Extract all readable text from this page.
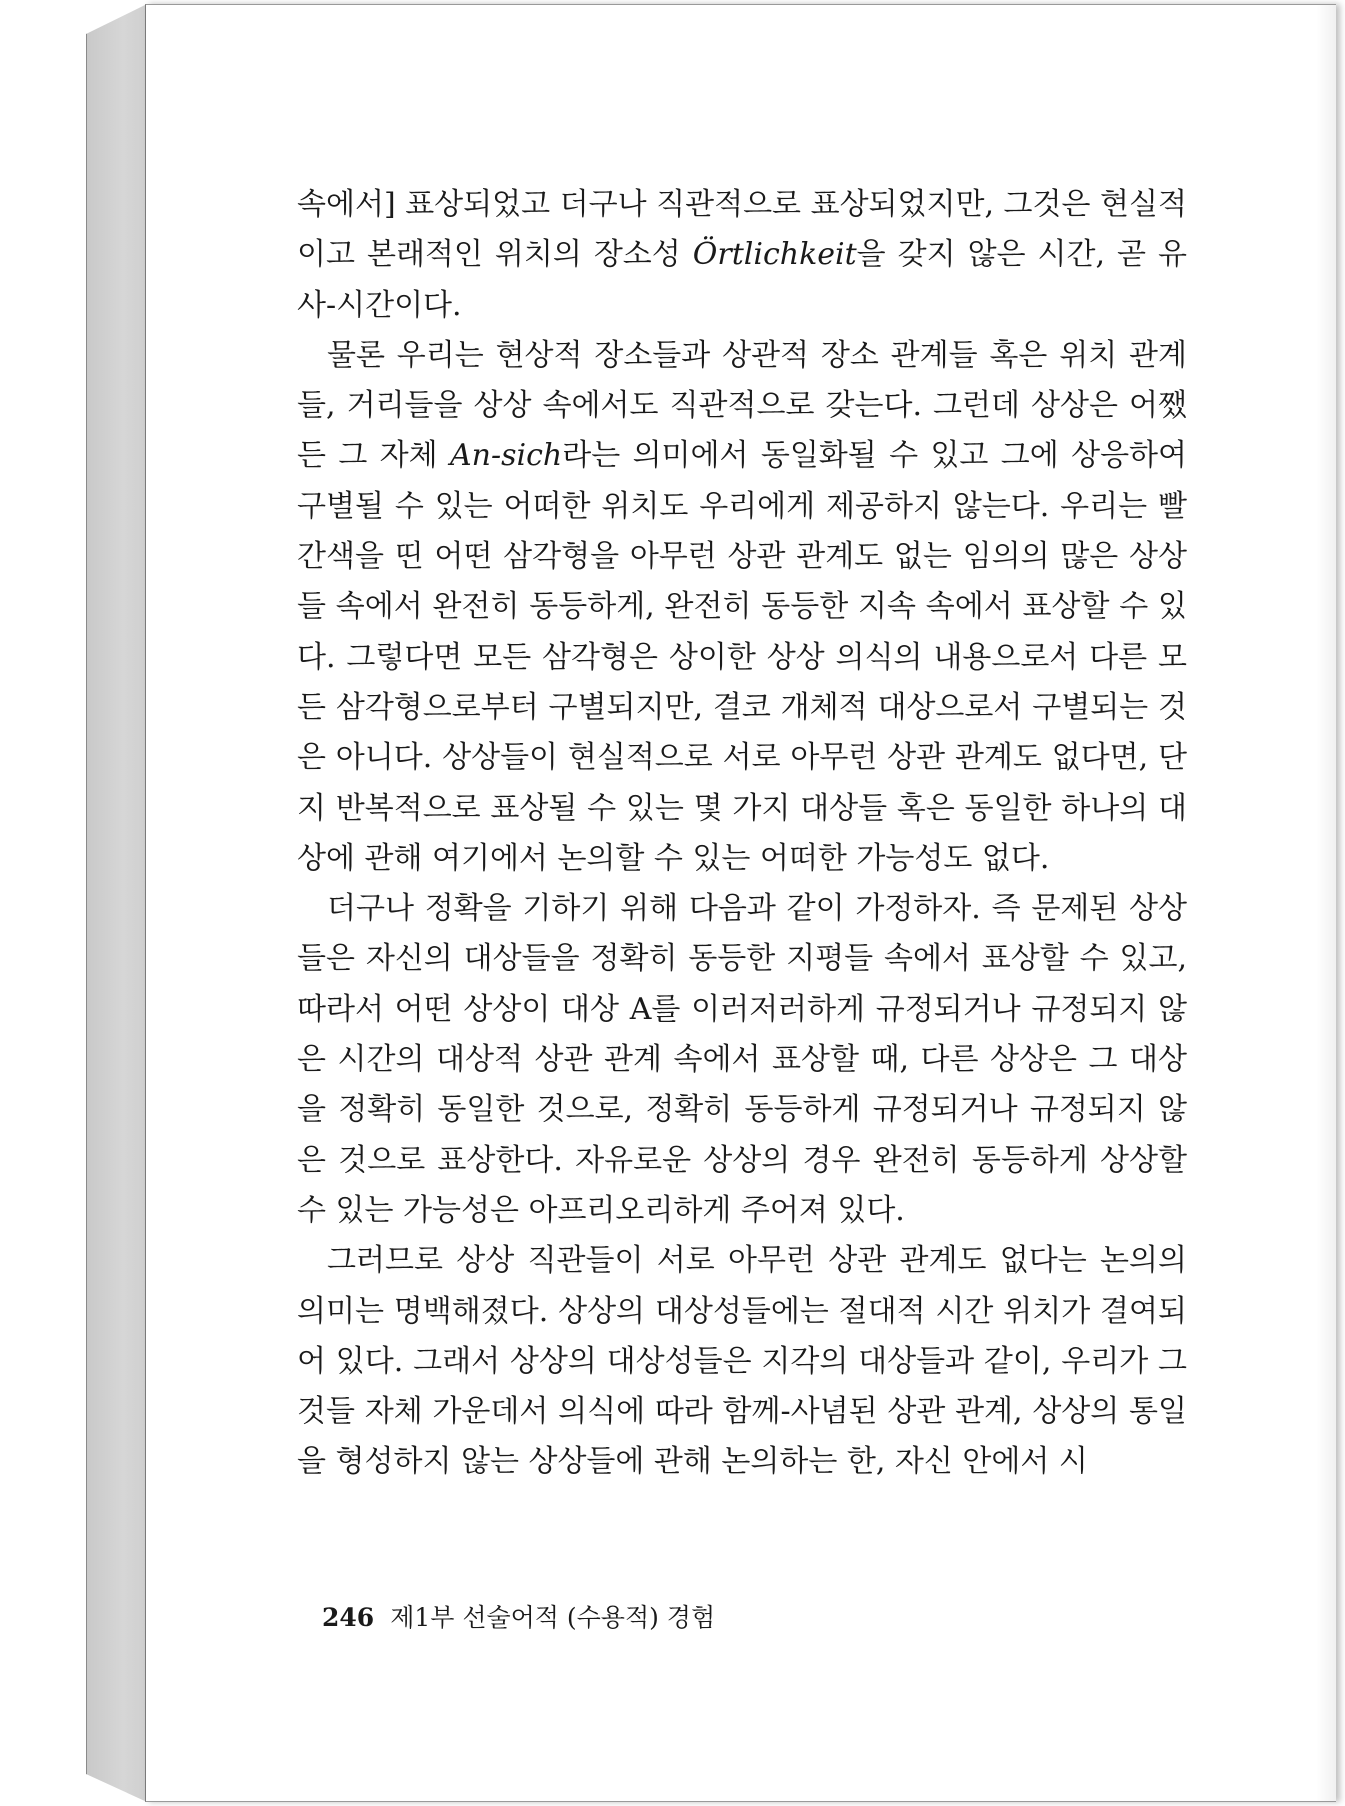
속에서] 표상되었고 더구나 직관적으로 표상되었지만, 그것은 현실적이고 본래적인 위치의 장소성 Örtlichkeit을 갖지 않은 시간, 곧 유사-시간이다.

물론 우리는 현상적 장소들과 상관적 장소 관계들 혹은 위치 관계들, 거리들을 상상 속에서도 직관적으로 갖는다. 그런데 상상은 어쨌든 그 자체 An-sich라는 의미에서 동일화될 수 있고 그에 상응하여 구별될 수 있는 어떠한 위치도 우리에게 제공하지 않는다. 우리는 빨간색을 띤 어떤 삼각형을 아무런 상관 관계도 없는 임의의 많은 상상들 속에서 완전히 동등하게, 완전히 동등한 지속 속에서 표상할 수 있다. 그렇다면 모든 삼각형은 상이한 상상 의식의 내용으로서 다른 모든 삼각형으로부터 구별되지만, 결코 개체적 대상으로서 구별되는 것은 아니다. 상상들이 현실적으로 서로 아무런 상관 관계도 없다면, 단지 반복적으로 표상될 수 있는 몇 가지 대상들 혹은 동일한 하나의 대상에 관해 여기에서 논의할 수 있는 어떠한 가능성도 없다.

더구나 정확을 기하기 위해 다음과 같이 가정하자. 즉 문제된 상상들은 자신의 대상들을 정확히 동등한 지평들 속에서 표상할 수 있고, 따라서 어떤 상상이 대상 A를 이러저러하게 규정되거나 규정되지 않은 시간의 대상적 상관 관계 속에서 표상할 때, 다른 상상은 그 대상을 정확히 동일한 것으로, 정확히 동등하게 규정되거나 규정되지 않은 것으로 표상한다. 자유로운 상상의 경우 완전히 동등하게 상상할 수 있는 가능성은 아프리오리하게 주어져 있다.

그러므로 상상 직관들이 서로 아무런 상관 관계도 없다는 논의의 의미는 명백해졌다. 상상의 대상성들에는 절대적 시간 위치가 결여되어 있다. 그래서 상상의 대상성들은 지각의 대상들과 같이, 우리가 그것들 자체 가운데서 의식에 따라 함께-사념된 상관 관계, 상상의 통일을 형성하지 않는 상상들에 관해 논의하는 한, 자신 안에서 시

246 제1부 선술어적 (수용적) 경험
